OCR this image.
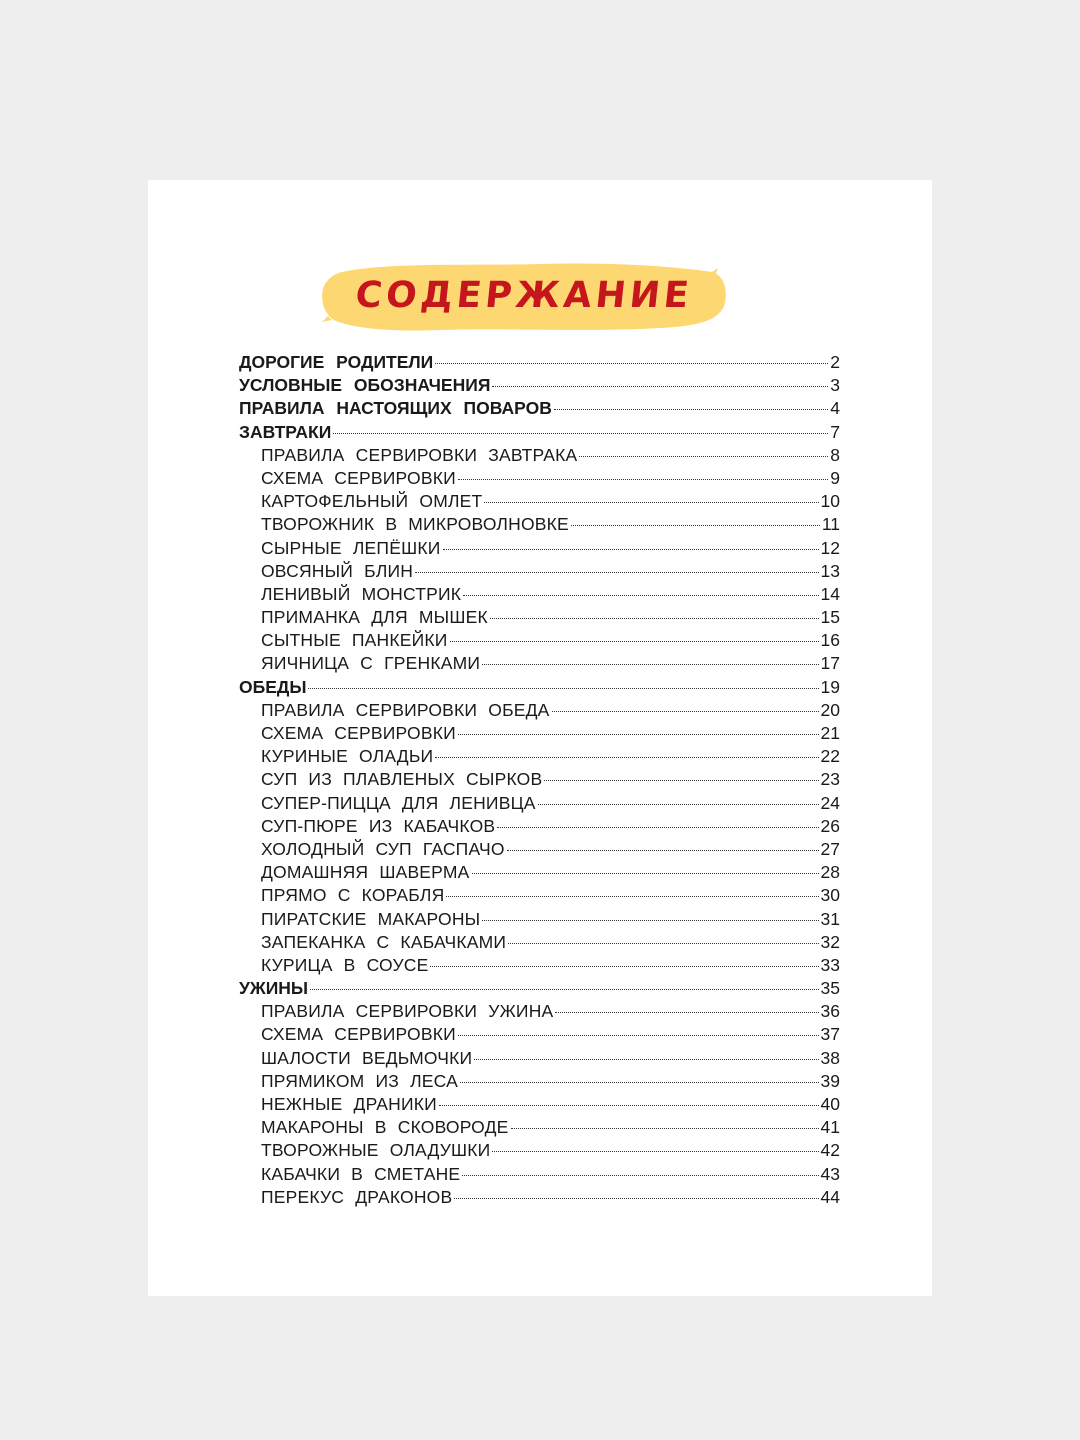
СОДЕРЖАНИЕ
ДОРОГИЕ РОДИТЕЛИ	2
УСЛОВНЫЕ ОБОЗНАЧЕНИЯ	3
ПРАВИЛА НАСТОЯЩИХ ПОВАРОВ	4
ЗАВТРАКИ	7
ПРАВИЛА СЕРВИРОВКИ ЗАВТРАКА	8
СХЕМА СЕРВИРОВКИ	9
КАРТОФЕЛЬНЫЙ ОМЛЕТ	10
ТВОРОЖНИК В МИКРОВОЛНОВКЕ	11
СЫРНЫЕ ЛЕПЁШКИ	12
ОВСЯНЫЙ БЛИН	13
ЛЕНИВЫЙ МОНСТРИК	14
ПРИМАНКА ДЛЯ МЫШЕК	15
СЫТНЫЕ ПАНКЕЙКИ	16
ЯИЧНИЦА С ГРЕНКАМИ	17
ОБЕДЫ	19
ПРАВИЛА СЕРВИРОВКИ ОБЕДА	20
СХЕМА СЕРВИРОВКИ	21
КУРИНЫЕ ОЛАДЬИ	22
СУП ИЗ ПЛАВЛЕНЫХ СЫРКОВ	23
СУПЕР-ПИЦЦА ДЛЯ ЛЕНИВЦА	24
СУП-ПЮРЕ ИЗ КАБАЧКОВ	26
ХОЛОДНЫЙ СУП ГАСПАЧО	27
ДОМАШНЯЯ ШАВЕРМА	28
ПРЯМО С КОРАБЛЯ	30
ПИРАТСКИЕ МАКАРОНЫ	31
ЗАПЕКАНКА С КАБАЧКАМИ	32
КУРИЦА В СОУСЕ	33
УЖИНЫ	35
ПРАВИЛА СЕРВИРОВКИ УЖИНА	36
СХЕМА СЕРВИРОВКИ	37
ШАЛОСТИ ВЕДЬМОЧКИ	38
ПРЯМИКОМ ИЗ ЛЕСА	39
НЕЖНЫЕ ДРАНИКИ	40
МАКАРОНЫ В СКОВОРОДЕ	41
ТВОРОЖНЫЕ ОЛАДУШКИ	42
КАБАЧКИ В СМЕТАНЕ	43
ПЕРЕКУС ДРАКОНОВ	44
